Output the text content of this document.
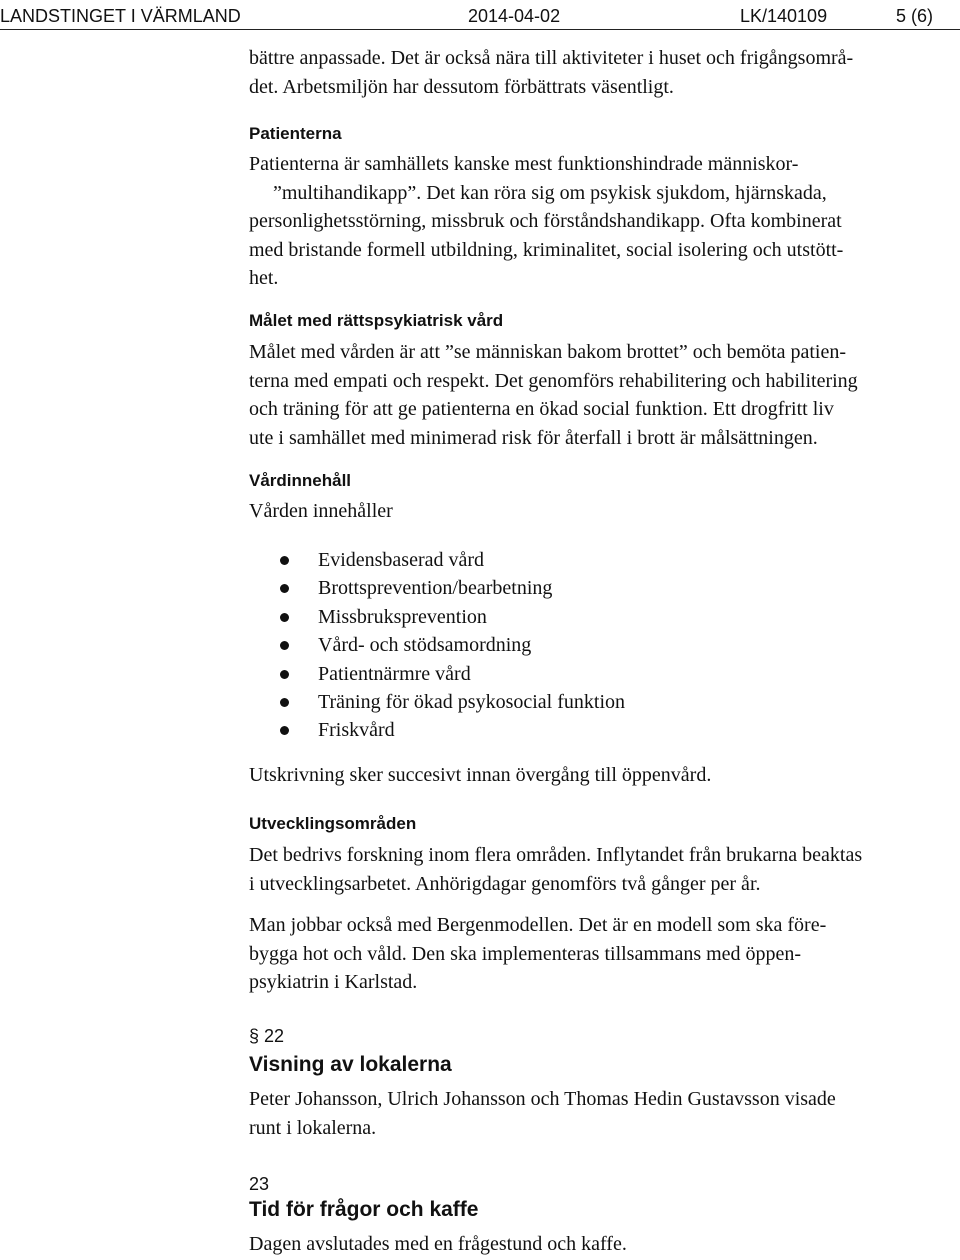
LANDSTINGET I VÄRMLAND	2014-04-02	LK/140109	5 (6)

bättre anpassade. Det är också nära till aktiviteter i huset och frigångsområ-
det. Arbetsmiljön har dessutom förbättrats väsentligt.

Patienterna

Patienterna är samhällets kanske mest funktionshindrade människor-
”multihandikapp”. Det kan röra sig om psykisk sjukdom, hjärnskada,
personlighetsstörning, missbruk och förståndshandikapp. Ofta kombinerat
med bristande formell utbildning, kriminalitet, social isolering och utstött-
het.

Målet med rättspsykiatrisk vård

Målet med vården är att ”se människan bakom brottet” och bemöta patien-
terna med empati och respekt. Det genomförs rehabilitering och habilitering
och träning för att ge patienterna en ökad social funktion. Ett drogfritt liv
ute i samhället med minimerad risk för återfall i brott är målsättningen.

Vårdinnehåll

Vården innehåller

Evidensbaserad vård
Brottsprevention/bearbetning
Missbruksprevention
Vård- och stödsamordning
Patientnärmre vård
Träning för ökad psykosocial funktion
Friskvård

Utskrivning sker succesivt innan övergång till öppenvård.

Utvecklingsområden

Det bedrivs forskning inom flera områden. Inflytandet från brukarna beaktas
i utvecklingsarbetet. Anhörigdagar genomförs två gånger per år.

Man jobbar också med Bergenmodellen. Det är en modell som ska före-
bygga hot och våld. Den ska implementeras tillsammans med öppen-
psykiatrin i Karlstad.

§ 22
Visning av lokalerna

Peter Johansson, Ulrich Johansson och Thomas Hedin Gustavsson visade
runt i lokalerna.

23
Tid för frågor och kaffe

Dagen avslutades med en frågestund och kaffe.
